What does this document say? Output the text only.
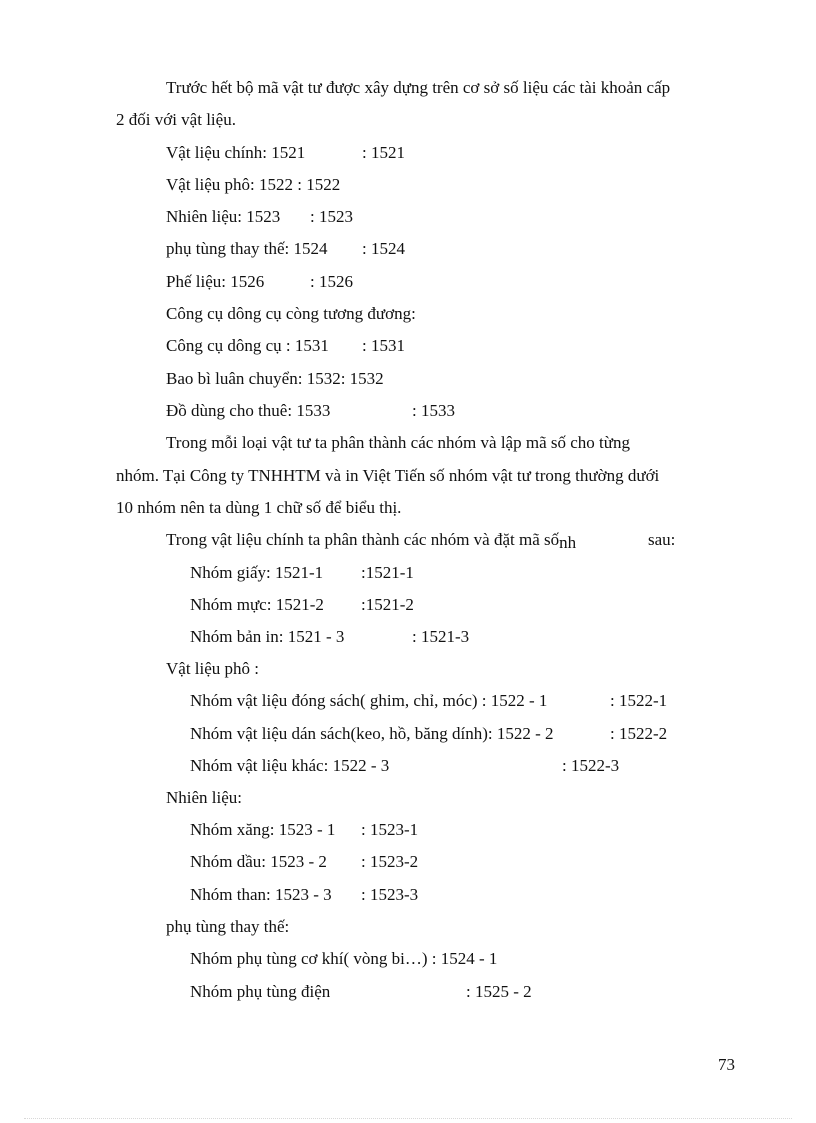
Trước hết bộ mã vật tư được xây dựng trên cơ sở số liệu các tài khoản cấp
2 đối với vật liệu.
Vật liệu chính: 1521	: 1521
Vật liệu phô: 1522 : 1522
Nhiên liệu: 1523 : 1523
phụ tùng thay thế: 1524 : 1524
Phế liệu: 1526	: 1526
Công cụ dông cụ còng tương đương:
Công cụ dông cụ : 1531 : 1531
Bao bì luân chuyển: 1532: 1532
Đồ dùng cho thuê: 1533	: 1533
Trong mỗi loại vật tư ta phân thành các nhóm và lập mã số cho từng
nhóm. Tại Công ty TNHHTM và in Việt Tiến số nhóm vật tư trong thường dưới
10 nhóm nên ta dùng 1 chữ số để biểu thị.
Trong vật liệu chính ta phân thành các nhóm và đặt mã sốnh	sau:
Nhóm giấy: 1521-1 :1521-1
Nhóm mực: 1521-2 :1521-2
Nhóm bản in: 1521 - 3	: 1521-3
Vật liệu phô :
Nhóm vật liệu đóng sách( ghim, chỉ, móc) : 1522 - 1	: 1522-1
Nhóm vật liệu dán sách(keo, hồ, băng dính): 1522 - 2	: 1522-2
Nhóm vật liệu khác: 1522 - 3	: 1522-3
Nhiên liệu:
Nhóm xăng: 1523 - 1 : 1523-1
Nhóm dầu: 1523 - 2 : 1523-2
Nhóm than: 1523 - 3 : 1523-3
phụ tùng thay thế:
Nhóm phụ tùng cơ khí( vòng bi…) : 1524 - 1
Nhóm phụ tùng điện	: 1525 - 2
73
